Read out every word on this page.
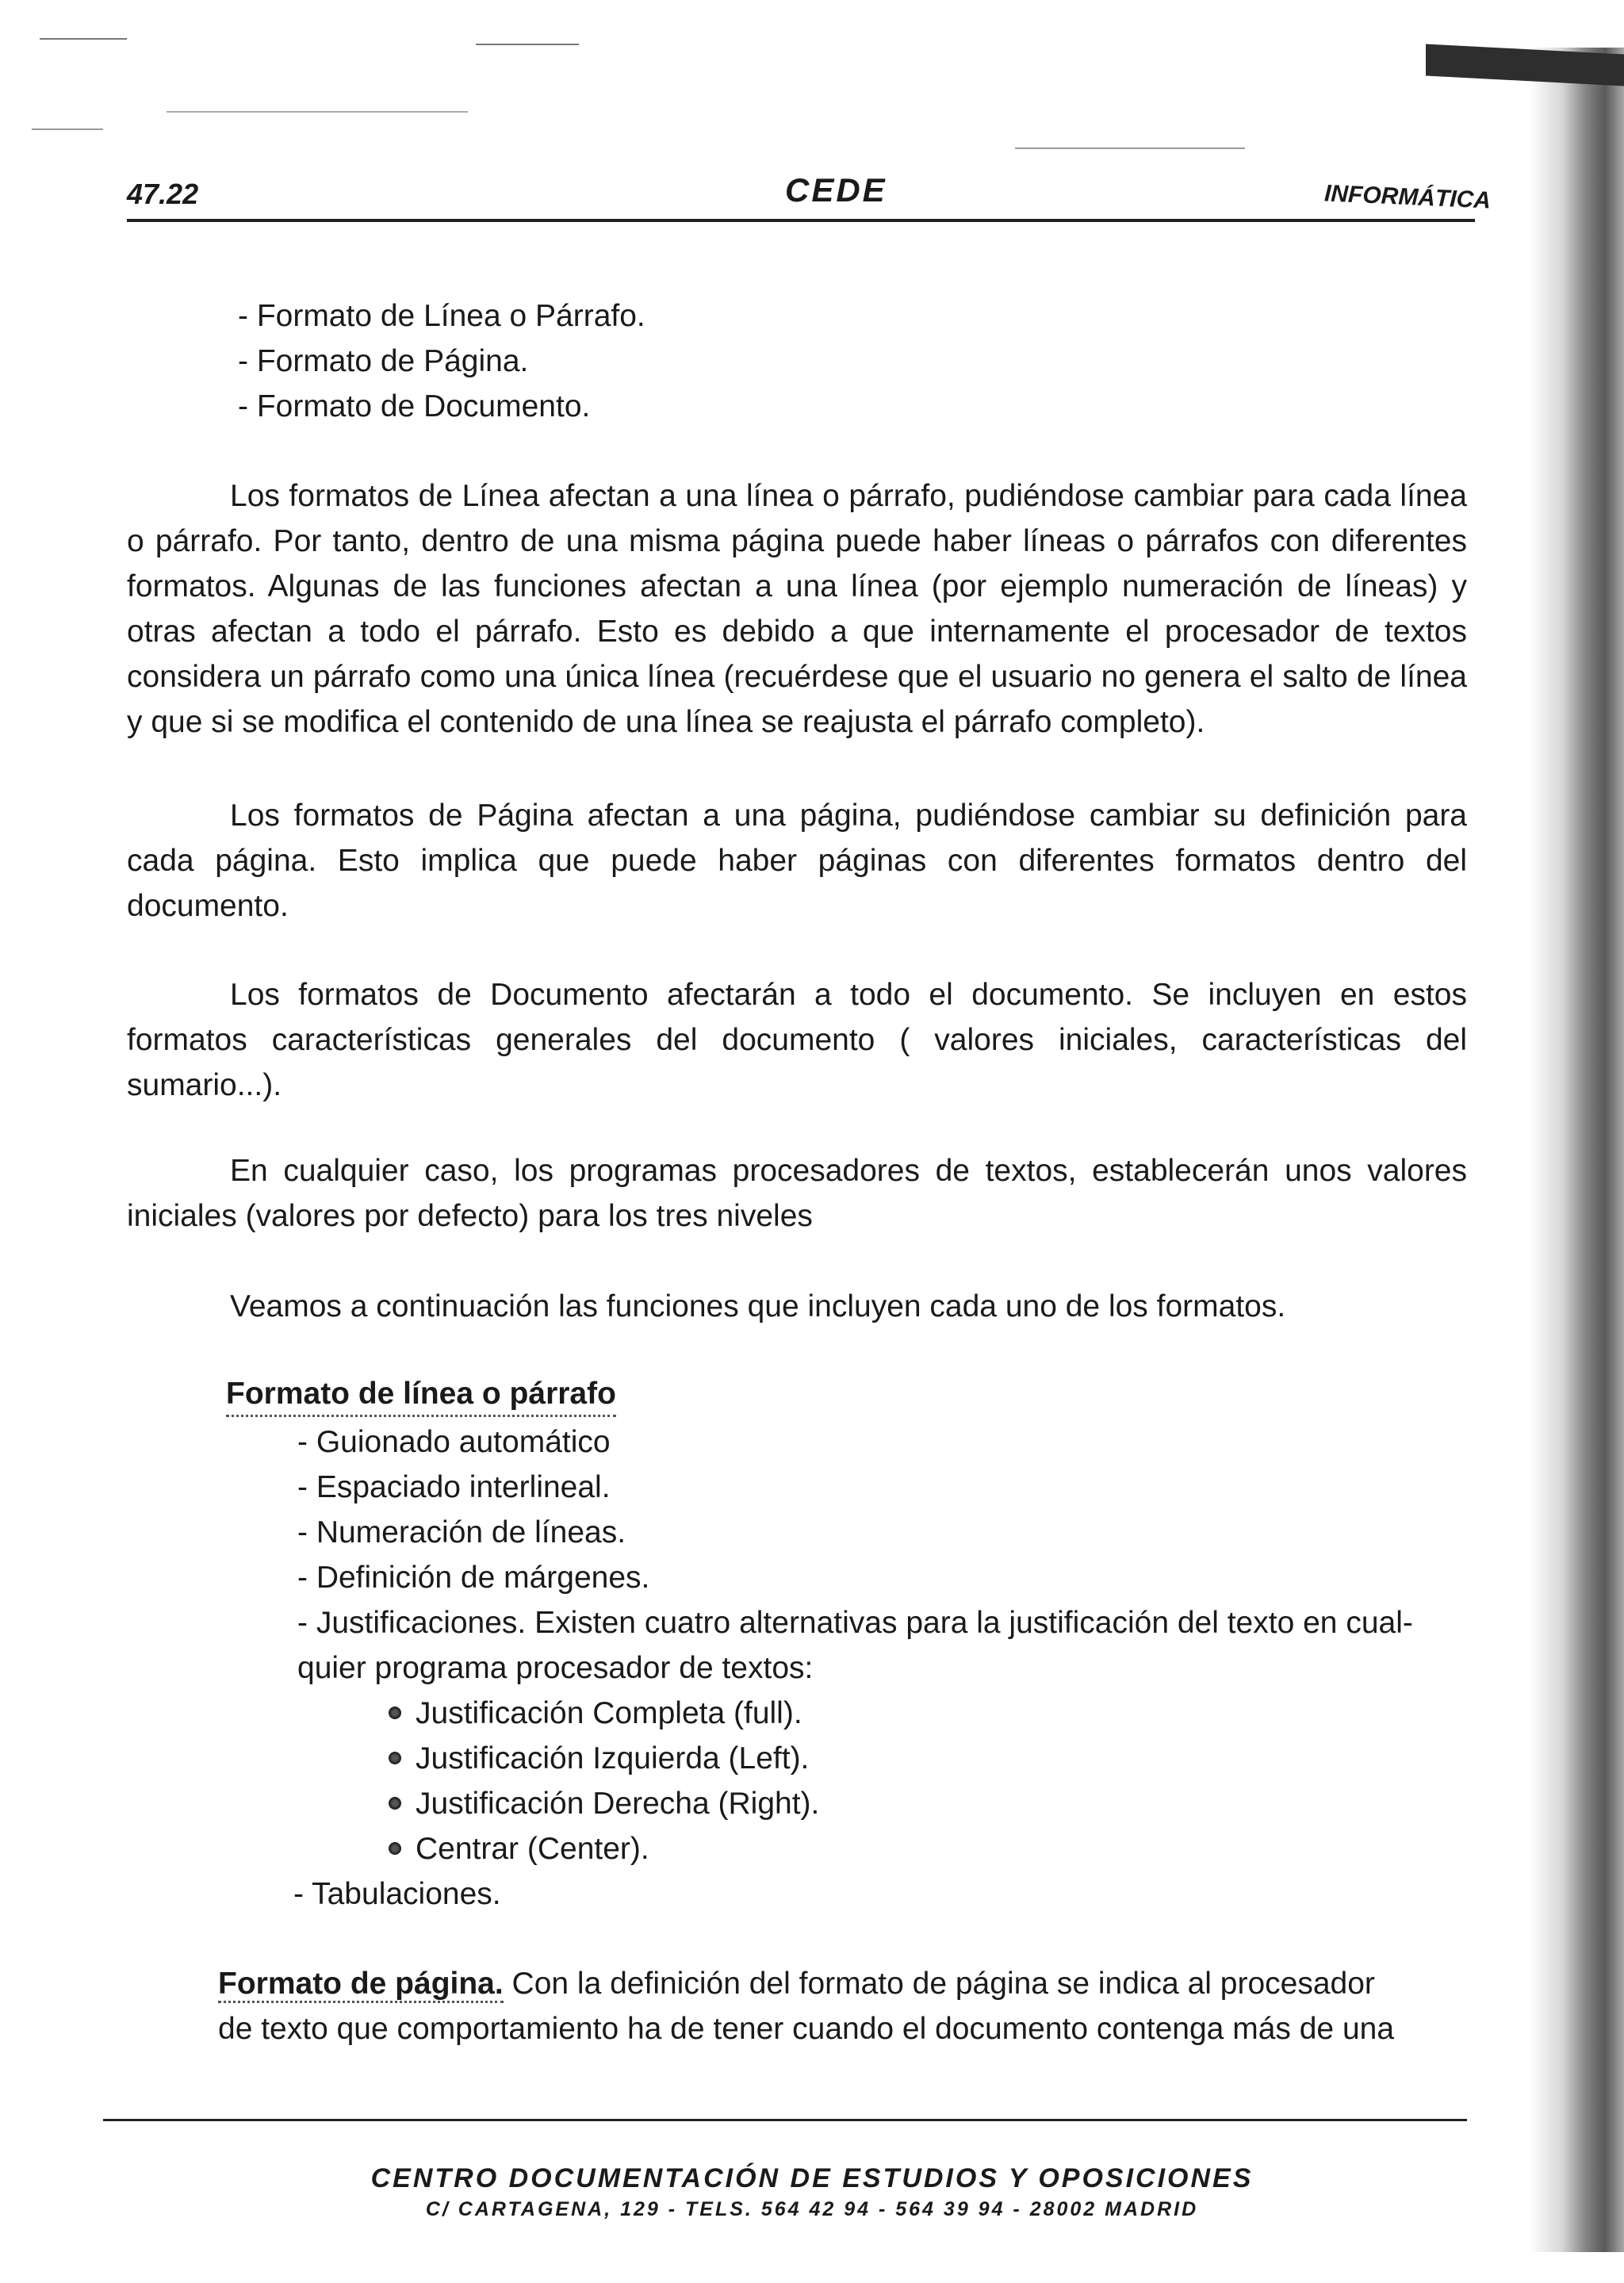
47.22	CEDE	INFORMÁTICA
- Formato de Línea o Párrafo.
- Formato de Página.
- Formato de Documento.
Los formatos de Línea afectan a una línea o párrafo, pudiéndose cambiar para cada línea o párrafo. Por tanto, dentro de una misma página puede haber líneas o párrafos con diferentes formatos. Algunas de las funciones afectan a una línea (por ejemplo numeración de líneas) y otras afectan a todo el párrafo. Esto es debido a que internamente el procesador de textos considera un párrafo como una única línea (recuérdese que el usuario no genera el salto de línea y que si se modifica el contenido de una línea se reajusta el párrafo completo).
Los formatos de Página afectan a una página, pudiéndose cambiar su definición para cada página. Esto implica que puede haber páginas con diferentes formatos dentro del documento.
Los formatos de Documento afectarán a todo el documento. Se incluyen en estos formatos características generales del documento ( valores iniciales, características del sumario...).
En cualquier caso, los programas procesadores de textos, establecerán unos valores iniciales (valores por defecto) para los tres niveles
Veamos a continuación las funciones que incluyen cada uno de los formatos.
Formato de línea o párrafo
- Guionado automático
- Espaciado interlineal.
- Numeración de líneas.
- Definición de márgenes.
- Justificaciones. Existen cuatro alternativas para la justificación del texto en cual-
quier programa procesador de textos:
Justificación Completa (full).
Justificación Izquierda (Left).
Justificación Derecha (Right).
Centrar (Center).
- Tabulaciones.
Formato de página. Con la definición del formato de página se indica al procesador
de texto que comportamiento ha de tener cuando el documento contenga más de una
CENTRO DOCUMENTACIÓN DE ESTUDIOS Y OPOSICIONES
C/ CARTAGENA, 129 - TELS. 564 42 94 - 564 39 94 - 28002 MADRID
